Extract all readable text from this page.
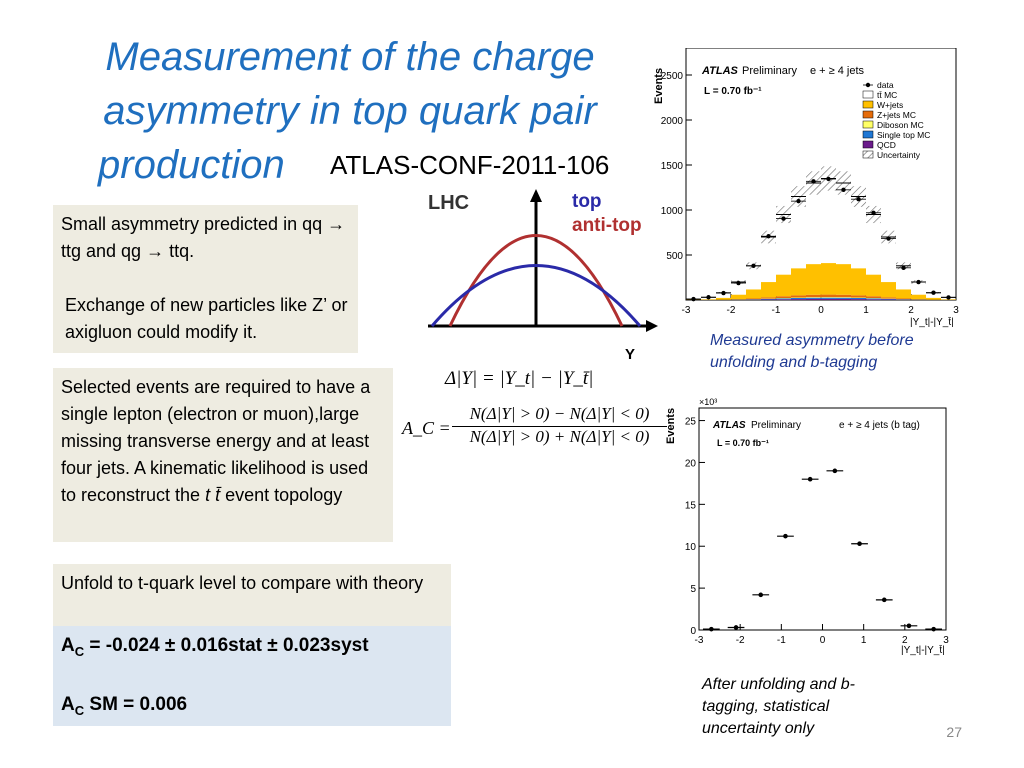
Measurement of the charge
asymmetry in top quark pair

production	ATLAS-CONF-2011-106
Small asymmetry predicted in qq → ttg and qg → ttq.
Exchange of new particles like Z’ or axigluon could modify it.
Selected events are required to have a single lepton (electron or muon),large missing transverse energy and at least four jets. A kinematic likelihood is used to reconstruct the t t̄ event topology
Unfold to t-quark level to compare with theory
$A_C = -0.024$ ± 0.016stat ± 0.023syst
$A_C$ SM = 0.006
LHC	top
anti-top
Y
Δ|Y| = |Y_t| − |Y_t̄|
A_C = $\frac{N(\Delta|Y| > 0) - N(\Delta|Y| < 0)}{N(\Delta|Y| > 0) + N(\Delta|Y| < 0)}$
Events
500
1000
1500
2000
2500
-3	-2	-1	0	1	2	3
ATLAS Preliminary e + ≥ 4 jets
L = 0.70 fb⁻¹
|Y_t|-|Y_t̄|
data
tt̄ MC
W+jets
Z+jets MC
Diboson MC
Single top MC
QCD
Uncertainty
Measured asymmetry before unfolding and b-tagging
×10³
Events
0
5
10
15
20
25
-3	-2	-1	0	1	2	3
ATLAS Preliminary	e + ≥ 4 jets (b tag)
L = 0.70 fb⁻¹
|Y_t|-|Y_t̄|
After unfolding and b-tagging, statistical uncertainty only	27
